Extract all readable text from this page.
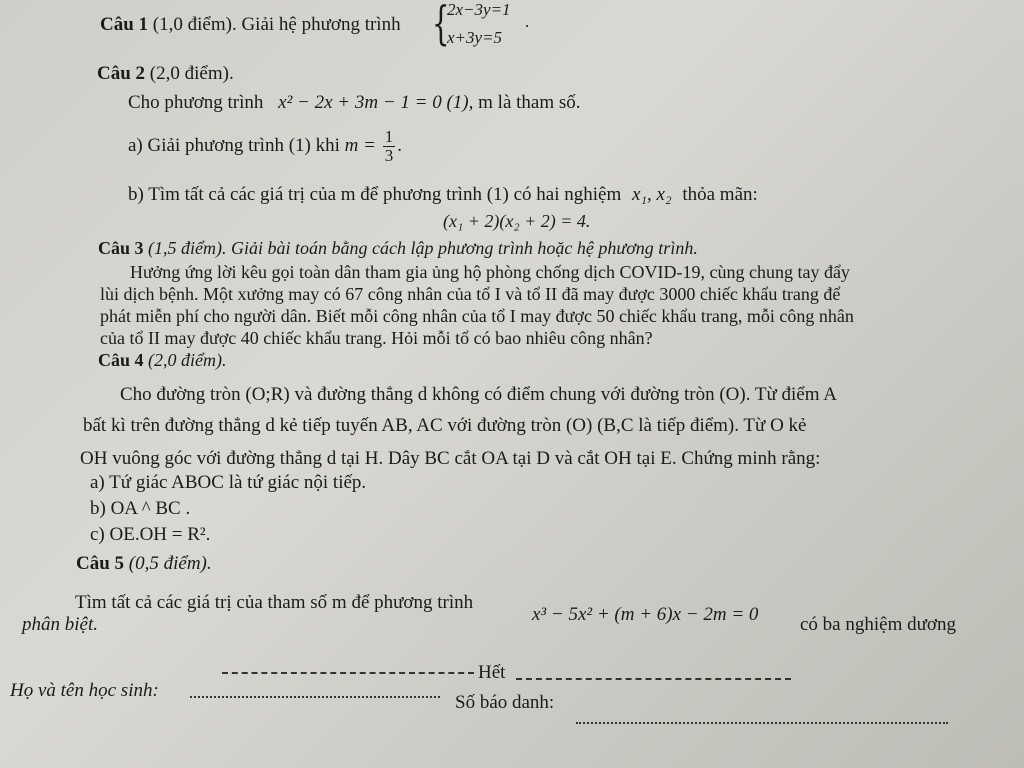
Câu 1 (1,0 điểm). Giải hệ phương trình {
2x−3y=1
x+3y=5
.
Câu 2 (2,0 điểm).
Cho phương trình x² − 2x + 3m − 1 = 0 (1), m là tham số.
a) Giải phương trình (1) khi $m = \frac{1}{3}$ .
b) Tìm tất cả các giá trị của m để phương trình (1) có hai nghiệm x₁, x₂ thỏa mãn:
(x₁ + 2)(x₂ + 2) = 4.
Câu 3 (1,5 điểm). Giải bài toán bằng cách lập phương trình hoặc hệ phương trình.
Hưởng ứng lời kêu gọi toàn dân tham gia ủng hộ phòng chống dịch COVID-19, cùng chung tay đẩy
lùi dịch bệnh. Một xưởng may có 67 công nhân của tổ I và tổ II đã may được 3000 chiếc khẩu trang để
phát miễn phí cho người dân. Biết mỗi công nhân của tổ I may được 50 chiếc khẩu trang, mỗi công nhân
của tổ II may được 40 chiếc khẩu trang. Hỏi mỗi tổ có bao nhiêu công nhân?
Câu 4 (2,0 điểm).
Cho đường tròn (O;R) và đường thẳng d không có điểm chung với đường tròn (O). Từ điểm A
bất kì trên đường thẳng d kẻ tiếp tuyến AB, AC với đường tròn (O) (B,C là tiếp điểm). Từ O kẻ
OH vuông góc với đường thẳng d tại H. Dây BC cắt OA tại D và cắt OH tại E. Chứng minh rằng:
a) Tứ giác ABOC là tứ giác nội tiếp.
b) OA ^ BC .
c) OE.OH = R².
Câu 5 (0,5 điểm).
Tìm tất cả các giá trị của tham số m để phương trình
x³ − 5x² + (m + 6)x − 2m = 0 có ba nghiệm dương
phân biệt.
Hết
Họ và tên học sinh:
Số báo danh:
